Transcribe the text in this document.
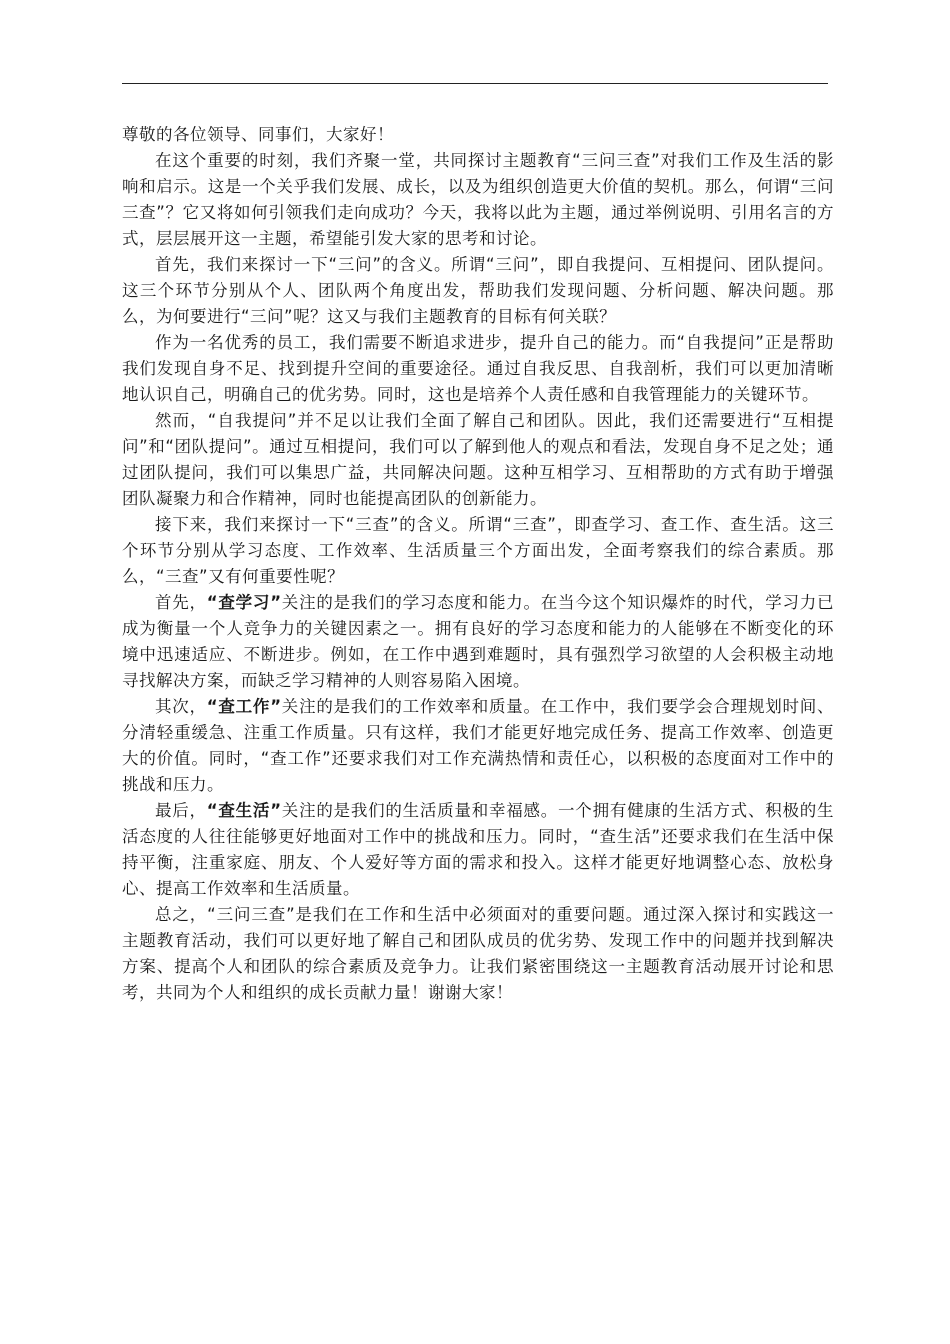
尊敬的各位领导、同事们，大家好！

在这个重要的时刻，我们齐聚一堂，共同探讨主题教育“三问三查”对我们工作及生活的影响和启示。这是一个关乎我们发展、成长，以及为组织创造更大价值的契机。那么，何谓“三问三查”？它又将如何引领我们走向成功？今天，我将以此为主题，通过举例说明、引用名言的方式，层层展开这一主题，希望能引发大家的思考和讨论。

首先，我们来探讨一下“三问”的含义。所谓“三问”，即自我提问、互相提问、团队提问。这三个环节分别从个人、团队两个角度出发，帮助我们发现问题、分析问题、解决问题。那么，为何要进行“三问”呢？这又与我们主题教育的目标有何关联？

作为一名优秀的员工，我们需要不断追求进步，提升自己的能力。而“自我提问”正是帮助我们发现自身不足、找到提升空间的重要途径。通过自我反思、自我剖析，我们可以更加清晰地认识自己，明确自己的优劣势。同时，这也是培养个人责任感和自我管理能力的关键环节。

然而，“自我提问”并不足以让我们全面了解自己和团队。因此，我们还需要进行“互相提问”和“团队提问”。通过互相提问，我们可以了解到他人的观点和看法，发现自身不足之处；通过团队提问，我们可以集思广益，共同解决问题。这种互相学习、互相帮助的方式有助于增强团队凝聚力和合作精神，同时也能提高团队的创新能力。

接下来，我们来探讨一下“三查”的含义。所谓“三查”，即查学习、查工作、查生活。这三个环节分别从学习态度、工作效率、生活质量三个方面出发，全面考察我们的综合素质。那么，“三查”又有何重要性呢？

首先，“查学习”关注的是我们的学习态度和能力。在当今这个知识爆炸的时代，学习力已成为衡量一个人竞争力的关键因素之一。拥有良好的学习态度和能力的人能够在不断变化的环境中迅速适应、不断进步。例如，在工作中遇到难题时，具有强烈学习欲望的人会积极主动地寻找解决方案，而缺乏学习精神的人则容易陷入困境。

其次，“查工作”关注的是我们的工作效率和质量。在工作中，我们要学会合理规划时间、分清轻重缓急、注重工作质量。只有这样，我们才能更好地完成任务、提高工作效率、创造更大的价值。同时，“查工作”还要求我们对工作充满热情和责任心，以积极的态度面对工作中的挑战和压力。

最后，“查生活”关注的是我们的生活质量和幸福感。一个拥有健康的生活方式、积极的生活态度的人往往能够更好地面对工作中的挑战和压力。同时，“查生活”还要求我们在生活中保持平衡，注重家庭、朋友、个人爱好等方面的需求和投入。这样才能更好地调整心态、放松身心、提高工作效率和生活质量。

总之，“三问三查”是我们在工作和生活中必须面对的重要问题。通过深入探讨和实践这一主题教育活动，我们可以更好地了解自己和团队成员的优劣势、发现工作中的问题并找到解决方案、提高个人和团队的综合素质及竞争力。让我们紧密围绕这一主题教育活动展开讨论和思考，共同为个人和组织的成长贡献力量！谢谢大家！
